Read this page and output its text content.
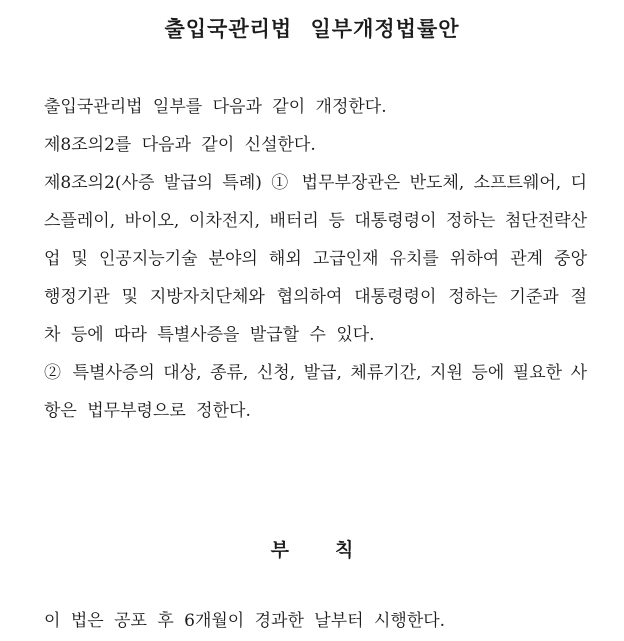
출입국관리법 일부개정법률안

출입국관리법 일부를 다음과 같이 개정한다.

제8조의2를 다음과 같이 신설한다.

제8조의2(사증 발급의 특례) ① 법무부장관은 반도체, 소프트웨어, 디

스플레이, 바이오, 이차전지, 배터리 등 대통령령이 정하는 첨단전략산

업 및 인공지능기술 분야의 해외 고급인재 유치를 위하여 관계 중앙

행정기관 및 지방자치단체와 협의하여 대통령령이 정하는 기준과 절

차 등에 따라 특별사증을 발급할 수 있다.

② 특별사증의 대상, 종류, 신청, 발급, 체류기간, 지원 등에 필요한 사

항은 법무부령으로 정한다.

부 칙

이 법은 공포 후 6개월이 경과한 날부터 시행한다.
